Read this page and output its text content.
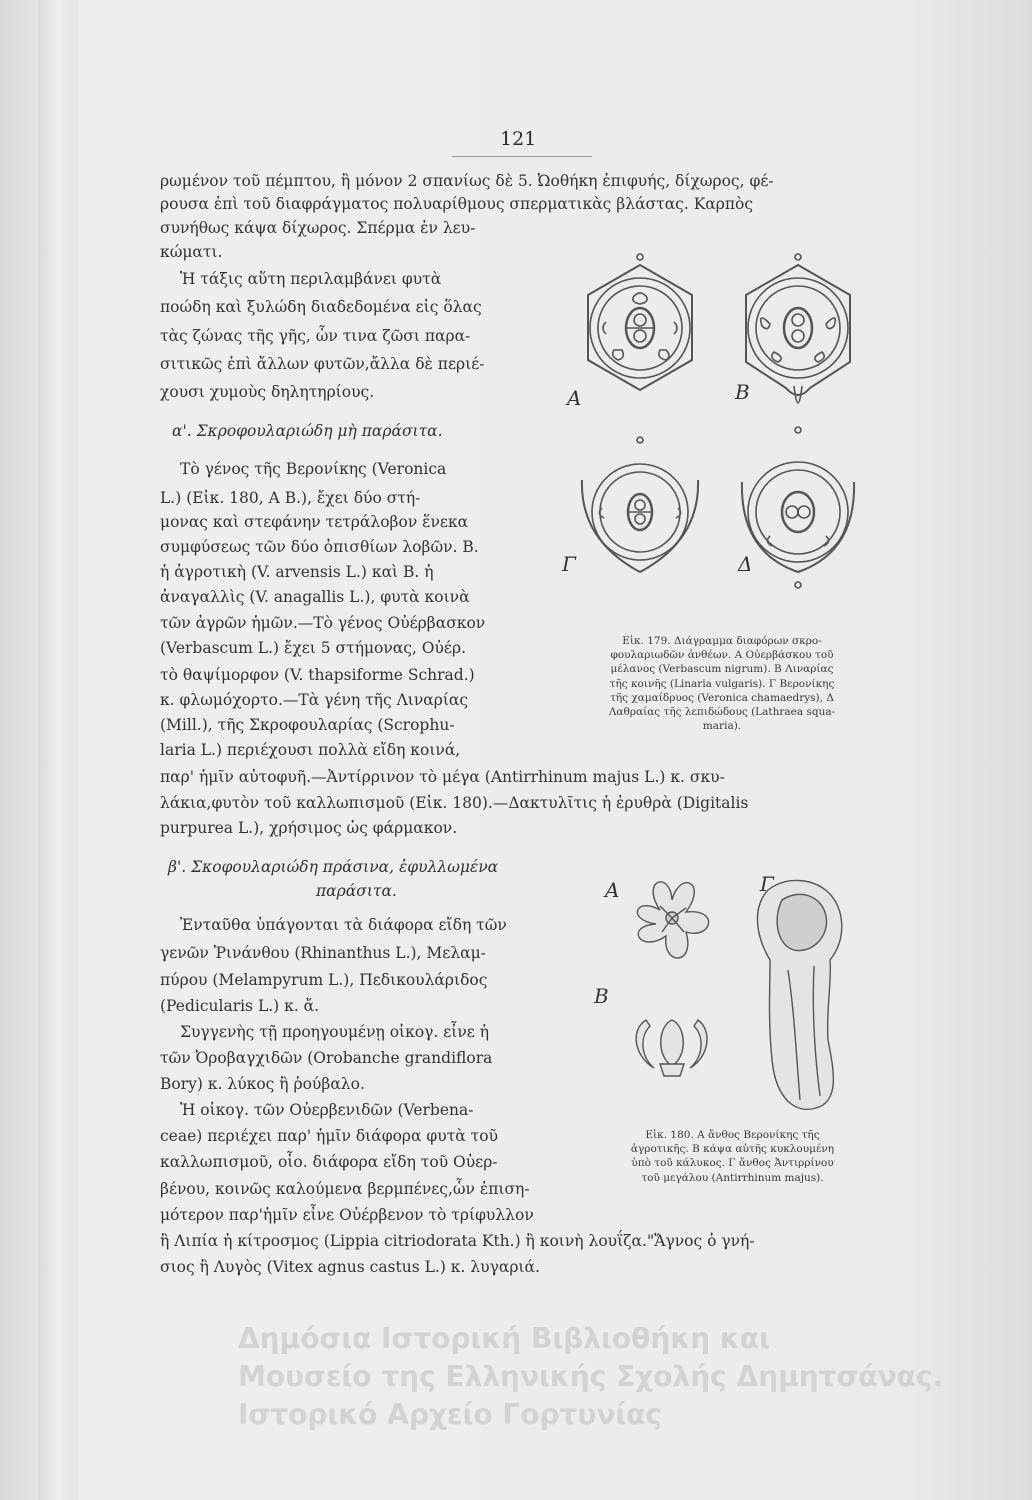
121
ρωμένον τοῦ πέμπτου, ἢ μόνον 2 σπανίως δὲ 5. Ὠοθήκη ἐπιφυής, δίχωρος, φέ-
ρουσα ἐπὶ τοῦ διαφράγματος πολυαρίθμους σπερματικὰς βλάστας. Καρπὸς
συνήθως κάψα δίχωρος. Σπέρμα ἐν λευ-
κώματι.
Ἡ τάξις αὕτη περιλαμβάνει φυτὰ
ποώδη καὶ ξυλώδη διαδεδομένα εἰς ὅλας
τὰς ζώνας τῆς γῆς, ὧν τινα ζῶσι παρα-
σιτικῶς ἐπὶ ἄλλων φυτῶν,ἄλλα δὲ περιέ-
χουσι χυμοὺς δηλητηρίους.
α'. Σκροφουλαριώδη μὴ παράσιτα.
Τὸ γένος τῆς Βερονίκης (Veronica
L.) (Εἰκ. 180, Α Β.), ἔχει δύο στή-
μονας καὶ στεφάνην τετράλοβον ἕνεκα
συμφύσεως τῶν δύο ὀπισθίων λοβῶν. Β.
ἡ ἀγροτικὴ (V. arvensis L.) καὶ Β. ἡ
ἀναγαλλὶς (V. anagallis L.), φυτὰ κοινὰ
τῶν ἀγρῶν ἡμῶν.—Τὸ γένος Οὐέρβασκον
(Verbascum L.) ἔχει 5 στήμονας, Οὐέρ.
τὸ θαψίμορφον (V. thapsiforme Schrad.)
κ. φλωμόχορτο.—Τὰ γένη τῆς Λιναρίας
(Mill.), τῆς Σκροφουλαρίας (Scrophu-
laria L.) περιέχουσι πολλὰ εἴδη κοινά,
παρ' ἡμῖν αὐτοφυῆ.—Ἀντίρρινον τὸ μέγα (Antirrhinum majus L.) κ. σκυ-
λάκια,φυτὸν τοῦ καλλωπισμοῦ (Εἰκ. 180).—Δακτυλῖτις ἡ ἐρυθρὰ (Digitalis
purpurea L.), χρήσιμος ὡς φάρμακον.
β'. Σκοφουλαριώδη πράσινα, ἐφυλλωμένα
παράσιτα.
Ἐνταῦθα ὑπάγονται τὰ διάφορα εἴδη τῶν
γενῶν Ῥινάνθου (Rhinanthus L.), Μελαμ-
πύρου (Melampyrum L.), Πεδικουλάριδος
(Pedicularis L.) κ. ἄ.
Συγγενὴς τῇ προηγουμένῃ οἰκογ. εἶνε ἡ
τῶν Ὀροβαγχιδῶν (Orobanche grandiflora
Bory) κ. λύκος ἢ ῥούβαλο.
Ἡ οἰκογ. τῶν Οὐερβενιδῶν (Verbena-
ceae) περιέχει παρ' ἡμῖν διάφορα φυτὰ τοῦ
καλλωπισμοῦ, οἷο. διάφορα εἴδη τοῦ Οὐερ-
βένου, κοινῶς καλούμενα βερμπένες,ὧν ἐπιση-
μότερον παρ'ἡμῖν εἶνε Οὐέρβενον τὸ τρίφυλλον
ἢ Λιπία ἡ κίτροσμος (Lippia citriodorata Kth.) ἢ κοινὴ λουΐζα."Ἄγνος ὁ γνή-
σιος ἢ Λυγὸς (Vitex agnus castus L.) κ. λυγαριά.
A	B
Γ	Δ
Εἰκ. 179. Διάγραμμα διαφόρων σκρο-
φουλαριωδῶν ἀνθέων. Α Οὐερβάσκου τοῦ
μέλανος (Verbascum nigrum). Β Λιναρίας
τῆς κοινῆς (Linaria vulgaris). Γ Βερονίκης
τῆς χαμαίδρυος (Veronica chamaedrys), Δ
Λαθραίας τῆς λεπιδώδους (Lathraea squa-
maria).
A	Γ
B
Εἰκ. 180. Α ἄνθος Βερονίκης τῆς
ἀγροτικῆς. Β κάψα αὐτῆς κυκλουμένη
ὑπὸ τοῦ κάλυκος. Γ ἄνθος Ἀντιρρίνου
τοῦ μεγάλου (Antirrhinum majus).
Δημόσια Ιστορική Βιβλιοθήκη και
Μουσείο της Ελληνικής Σχολής Δημητσάνας.
Ιστορικό Αρχείο Γορτυνίας
